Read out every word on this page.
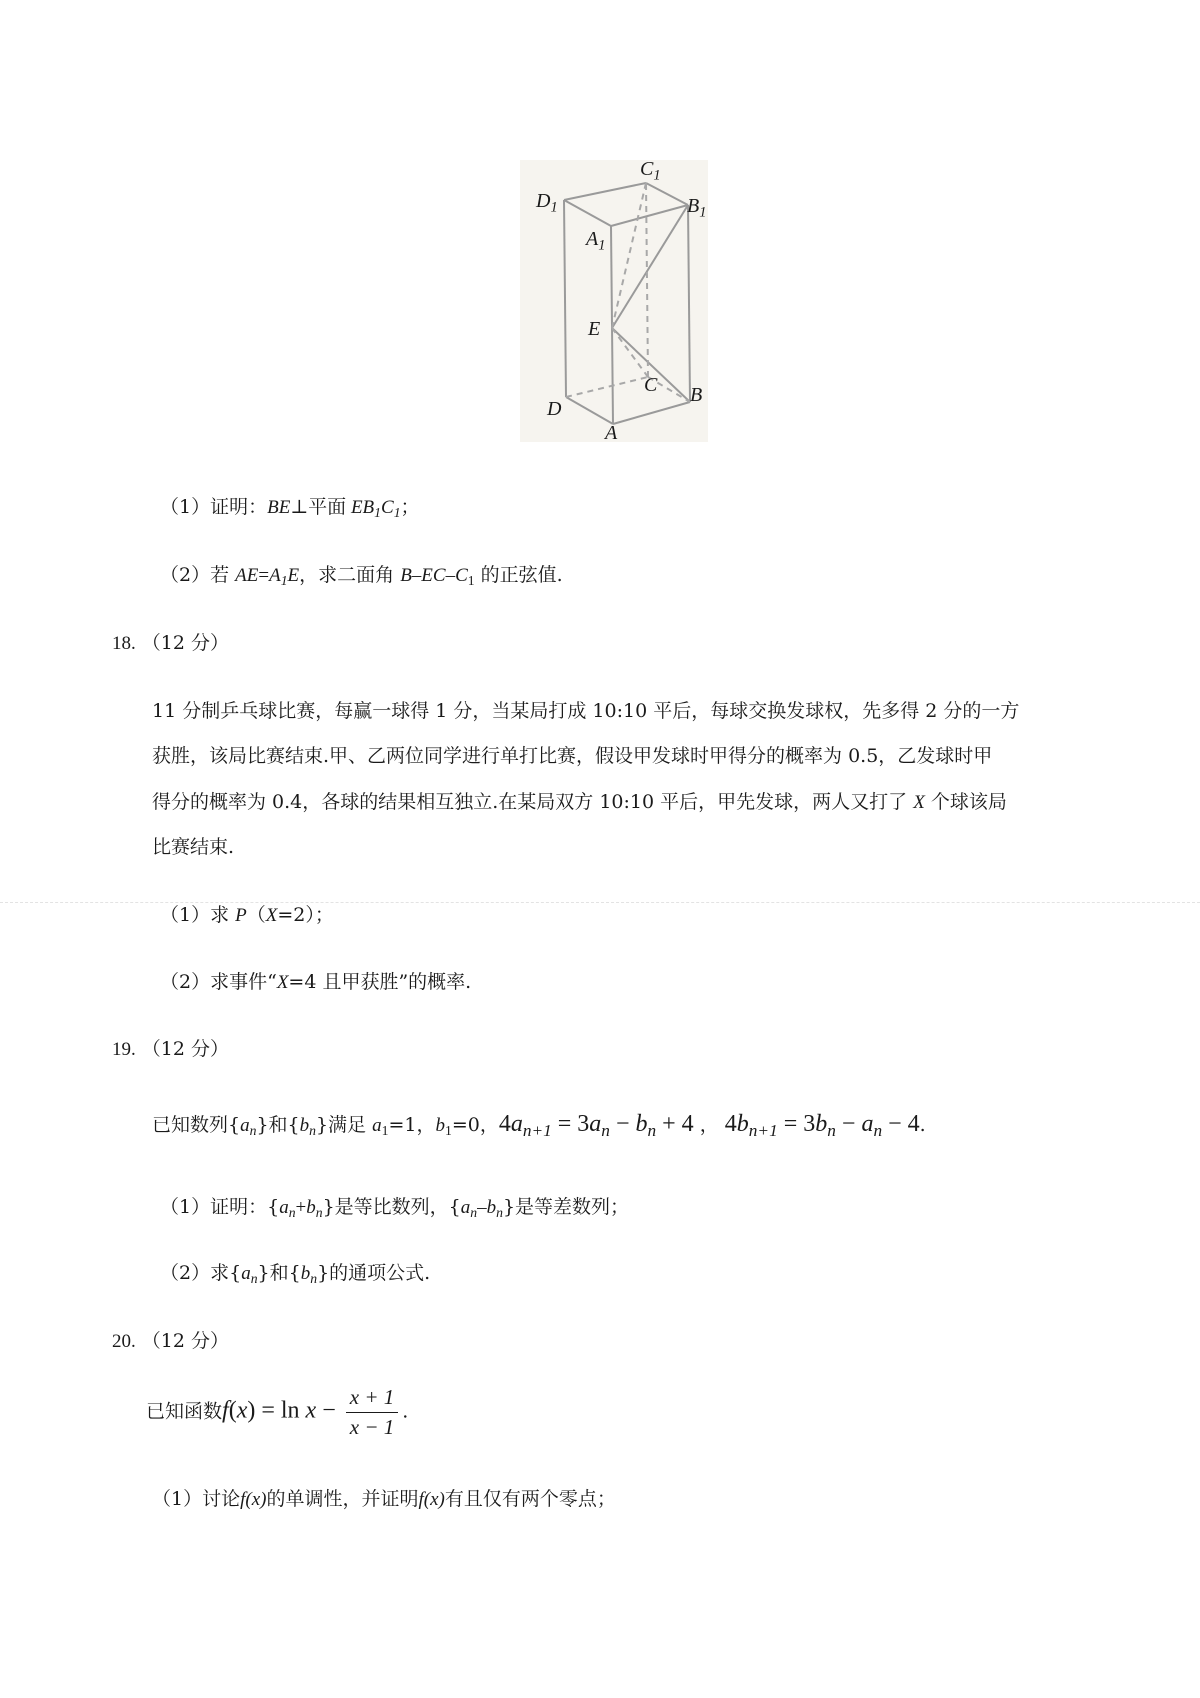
$C_1$
$B_1$
$D_1$
$A_1$
E
C B
D
A
（1）证明：BE⊥平面 $EB_1C_1$；
（2）若 $AE=A_1E$，求二面角 $B-EC-C_1$ 的正弦值.
18. （12 分）
11 分制乒乓球比赛，每赢一球得 1 分，当某局打成 10:10 平后，每球交换发球权，先多得 2 分的一方
获胜，该局比赛结束.甲、乙两位同学进行单打比赛，假设甲发球时甲得分的概率为 0.5，乙发球时甲
得分的概率为 0.4，各球的结果相互独立.在某局双方 10:10 平后，甲先发球，两人又打了 X 个球该局
比赛结束.
（1）求 P（X=2）；
（2）求事件“X=4 且甲获胜”的概率.
19. （12 分）
已知数列$\{a_n\}$和$\{b_n\}$满足 $a_1=1$，$b_1=0$，$4a_{n+1} = 3a_n - b_n + 4$ ， $4b_{n+1} = 3b_n - a_n - 4$.
（1）证明：$\{a_n+b_n\}$是等比数列，$\{a_n-b_n\}$是等差数列；
（2）求$\{a_n\}$和$\{b_n\}$的通项公式.
20. （12 分）
已知函数$f(x) = \ln x - \frac{x + 1}{x - 1}$ .
（1）讨论f(x)的单调性，并证明f(x)有且仅有两个零点；
